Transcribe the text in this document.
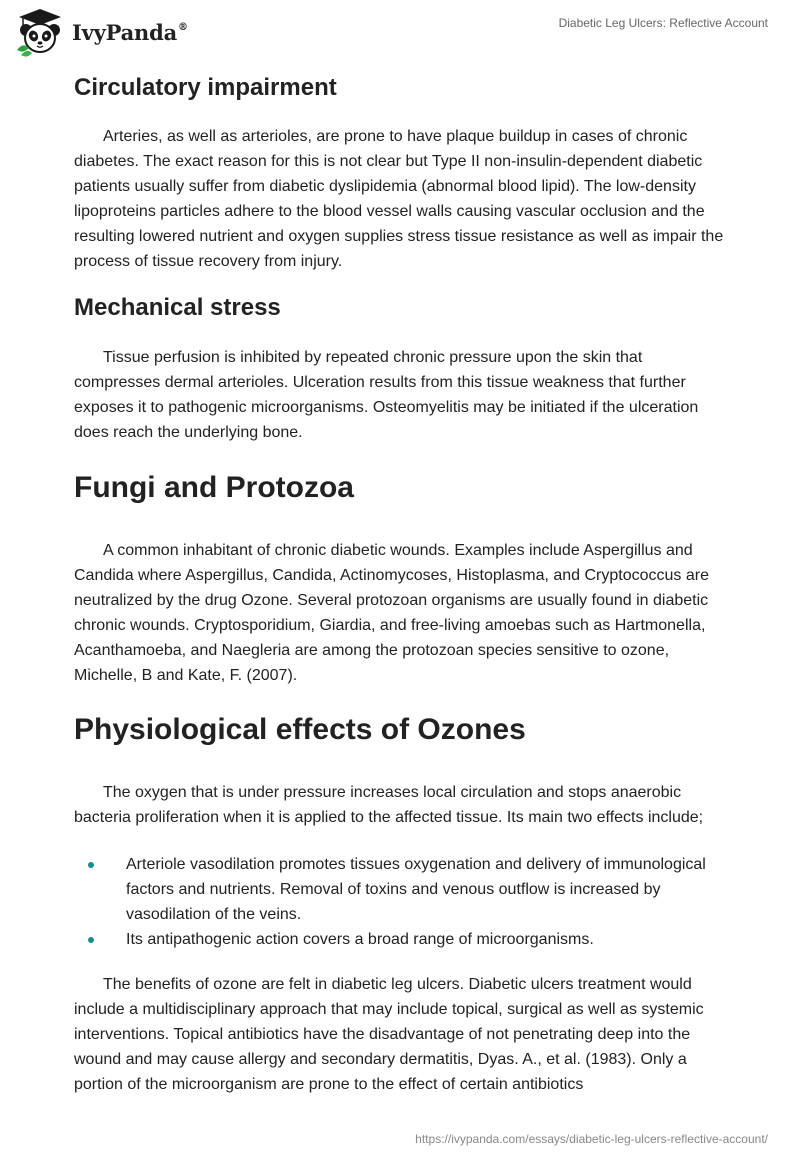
IvyPanda®	Diabetic Leg Ulcers: Reflective Account
Circulatory impairment

Arteries, as well as arterioles, are prone to have plaque buildup in cases of chronic diabetes. The exact reason for this is not clear but Type II non-insulin-dependent diabetic patients usually suffer from diabetic dyslipidemia (abnormal blood lipid). The low-density lipoproteins particles adhere to the blood vessel walls causing vascular occlusion and the resulting lowered nutrient and oxygen supplies stress tissue resistance as well as impair the process of tissue recovery from injury.

Mechanical stress

Tissue perfusion is inhibited by repeated chronic pressure upon the skin that compresses dermal arterioles. Ulceration results from this tissue weakness that further exposes it to pathogenic microorganisms. Osteomyelitis may be initiated if the ulceration does reach the underlying bone.

Fungi and Protozoa

A common inhabitant of chronic diabetic wounds. Examples include Aspergillus and Candida where Aspergillus, Candida, Actinomycoses, Histoplasma, and Cryptococcus are neutralized by the drug Ozone. Several protozoan organisms are usually found in diabetic chronic wounds. Cryptosporidium, Giardia, and free-living amoebas such as Hartmonella, Acanthamoeba, and Naegleria are among the protozoan species sensitive to ozone, Michelle, B and Kate, F. (2007).

Physiological effects of Ozones

The oxygen that is under pressure increases local circulation and stops anaerobic bacteria proliferation when it is applied to the affected tissue. Its main two effects include;

Arteriole vasodilation promotes tissues oxygenation and delivery of immunological factors and nutrients. Removal of toxins and venous outflow is increased by vasodilation of the veins.
Its antipathogenic action covers a broad range of microorganisms.

The benefits of ozone are felt in diabetic leg ulcers. Diabetic ulcers treatment would include a multidisciplinary approach that may include topical, surgical as well as systemic interventions. Topical antibiotics have the disadvantage of not penetrating deep into the wound and may cause allergy and secondary dermatitis, Dyas. A., et al. (1983). Only a portion of the microorganism are prone to the effect of certain antibiotics

https://ivypanda.com/essays/diabetic-leg-ulcers-reflective-account/
